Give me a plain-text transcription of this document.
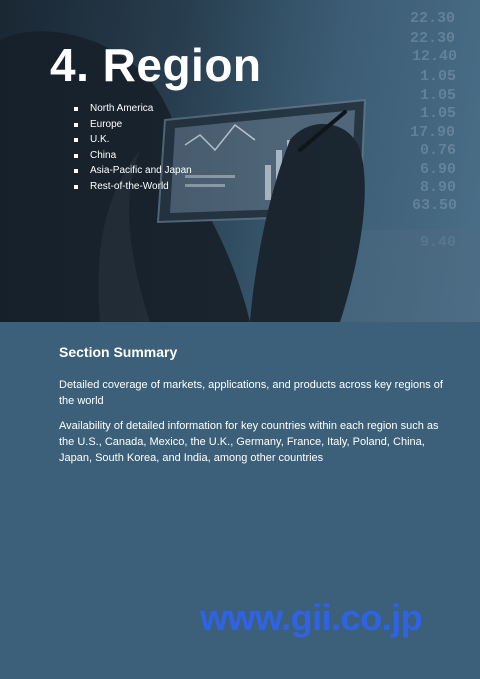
4. Region
North America
Europe
U.K.
China
Asia-Pacific and Japan
Rest-of-the-World
Section Summary

Detailed coverage of markets, applications, and products across key regions of the world

Availability of detailed information for key countries within each region such as the U.S., Canada, Mexico, the U.K., Germany, France, Italy, Poland, China, Japan, South Korea, and India, among other countries

www.gii.co.jp
